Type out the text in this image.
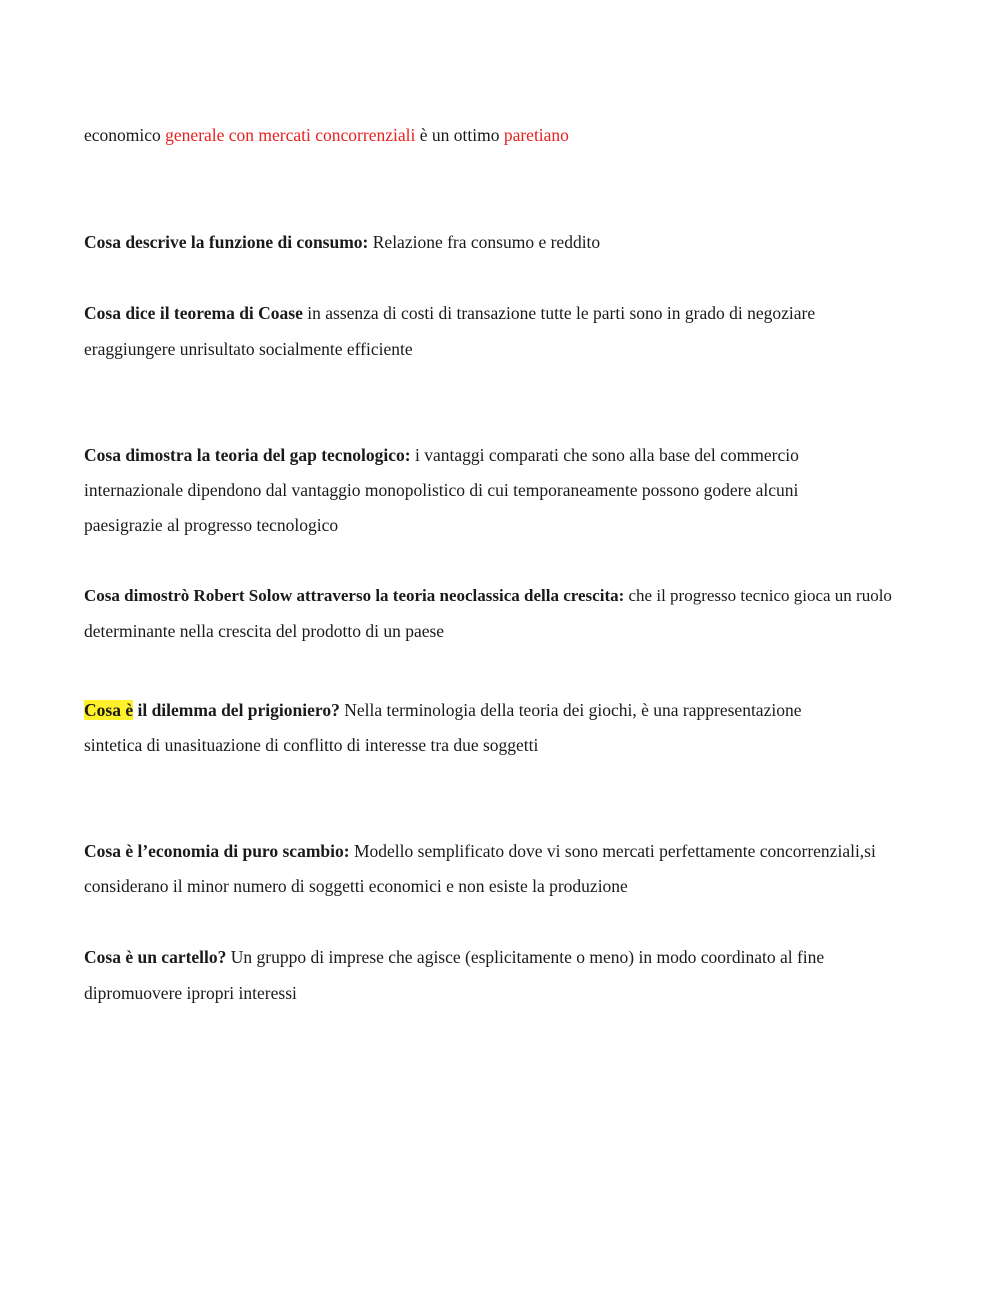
economico generale con mercati concorrenziali è un ottimo paretiano
Cosa descrive la funzione di consumo: Relazione fra consumo e reddito
Cosa dice il teorema di Coase in assenza di costi di transazione tutte le parti sono in grado di negoziare
eraggiungere unrisultato socialmente efficiente
Cosa dimostra la teoria del gap tecnologico: i vantaggi comparati che sono alla base del commercio
internazionale dipendono dal vantaggio monopolistico di cui temporaneamente possono godere alcuni
paesigrazie al progresso tecnologico
Cosa dimostrò Robert Solow attraverso la teoria neoclassica della crescita: che il progresso tecnico gioca un ruolo
determinante nella crescita del prodotto di un paese
Cosa è il dilemma del prigioniero? Nella terminologia della teoria dei giochi, è una rappresentazione
sintetica di unasituazione di conflitto di interesse tra due soggetti
Cosa è l’economia di puro scambio: Modello semplificato dove vi sono mercati perfettamente concorrenziali,si
considerano il minor numero di soggetti economici e non esiste la produzione
Cosa è un cartello? Un gruppo di imprese che agisce (esplicitamente o meno) in modo coordinato al fine
dipromuovere ipropri interessi
